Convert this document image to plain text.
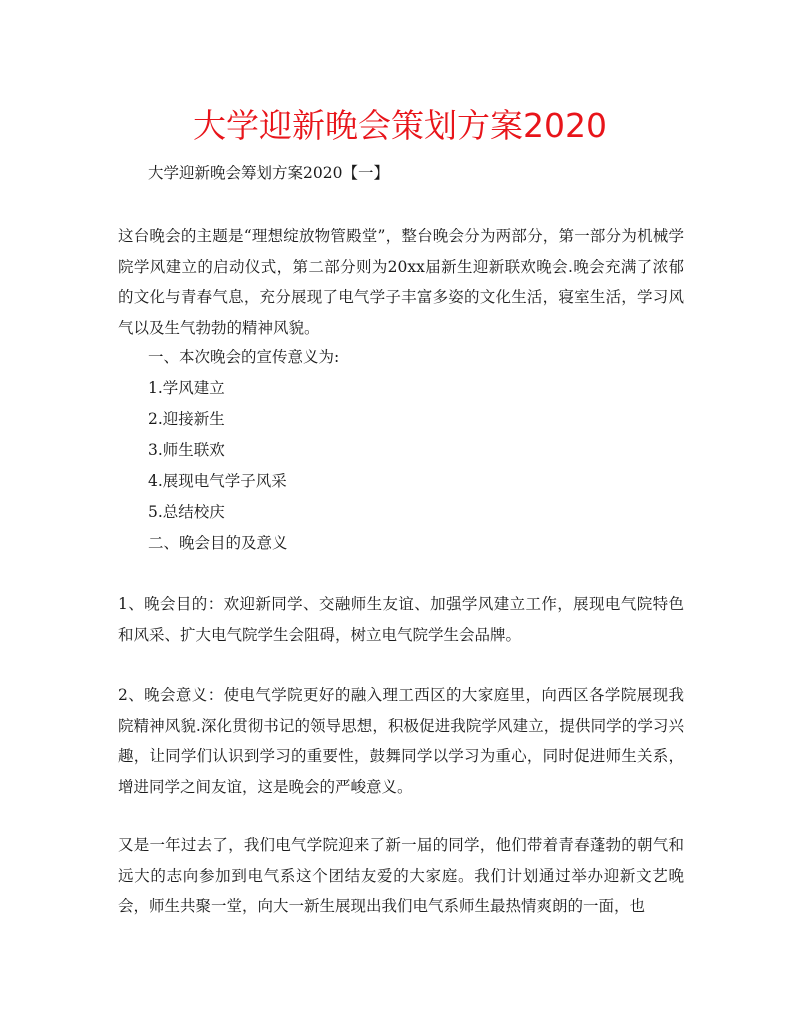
大学迎新晚会策划方案2020
大学迎新晚会筹划方案2020【一】
这台晚会的主题是“理想绽放物管殿堂”，整台晚会分为两部分，第一部分为机械学院学风建立的启动仪式，第二部分则为20xx届新生迎新联欢晚会.晚会充满了浓郁的文化与青春气息，充分展现了电气学子丰富多姿的文化生活，寝室生活，学习风气以及生气勃勃的精神风貌。
一、本次晚会的宣传意义为:
1.学风建立
2.迎接新生
3.师生联欢
4.展现电气学子风采
5.总结校庆
二、晚会目的及意义
1、晚会目的：欢迎新同学、交融师生友谊、加强学风建立工作，展现电气院特色和风采、扩大电气院学生会阻碍，树立电气院学生会品牌。
2、晚会意义：使电气学院更好的融入理工西区的大家庭里，向西区各学院展现我院精神风貌.深化贯彻书记的领导思想，积极促进我院学风建立，提供同学的学习兴趣，让同学们认识到学习的重要性，鼓舞同学以学习为重心，同时促进师生关系，增进同学之间友谊，这是晚会的严峻意义。
又是一年过去了，我们电气学院迎来了新一届的同学，他们带着青春蓬勃的朝气和远大的志向参加到电气系这个团结友爱的大家庭。我们计划通过举办迎新文艺晚会，师生共聚一堂，向大一新生展现出我们电气系师生最热情爽朗的一面，也
